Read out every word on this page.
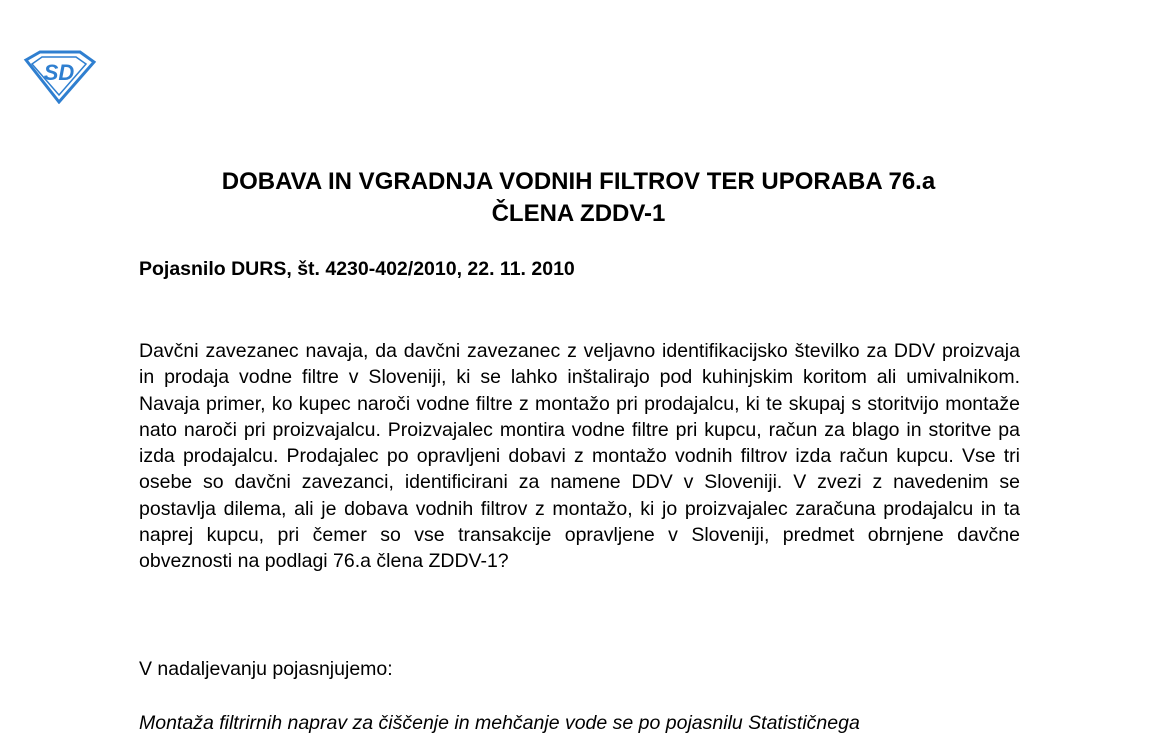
SD
DOBAVA IN VGRADNJA VODNIH FILTROV TER UPORABA 76.a
ČLENA ZDDV-1

Pojasnilo DURS, št. 4230-402/2010, 22. 11. 2010

Davčni zavezanec navaja, da davčni zavezanec z veljavno identifikacijsko številko za DDV proizvaja in prodaja vodne filtre v Sloveniji, ki se lahko inštalirajo pod kuhinjskim koritom ali umivalnikom. Navaja primer, ko kupec naroči vodne filtre z montažo pri prodajalcu, ki te skupaj s storitvijo montaže nato naroči pri proizvajalcu. Proizvajalec montira vodne filtre pri kupcu, račun za blago in storitve pa izda prodajalcu. Prodajalec po opravljeni dobavi z montažo vodnih filtrov izda račun kupcu. Vse tri osebe so davčni zavezanci, identificirani za namene DDV v Sloveniji. V zvezi z navedenim se postavlja dilema, ali je dobava vodnih filtrov z montažo, ki jo proizvajalec zaračuna prodajalcu in ta naprej kupcu, pri čemer so vse transakcije opravljene v Sloveniji, predmet obrnjene davčne obveznosti na podlagi 76.a člena ZDDV-1?

V nadaljevanju pojasnjujemo:

Montaža filtrirnih naprav za čiščenje in mehčanje vode se po pojasnilu Statističnega
